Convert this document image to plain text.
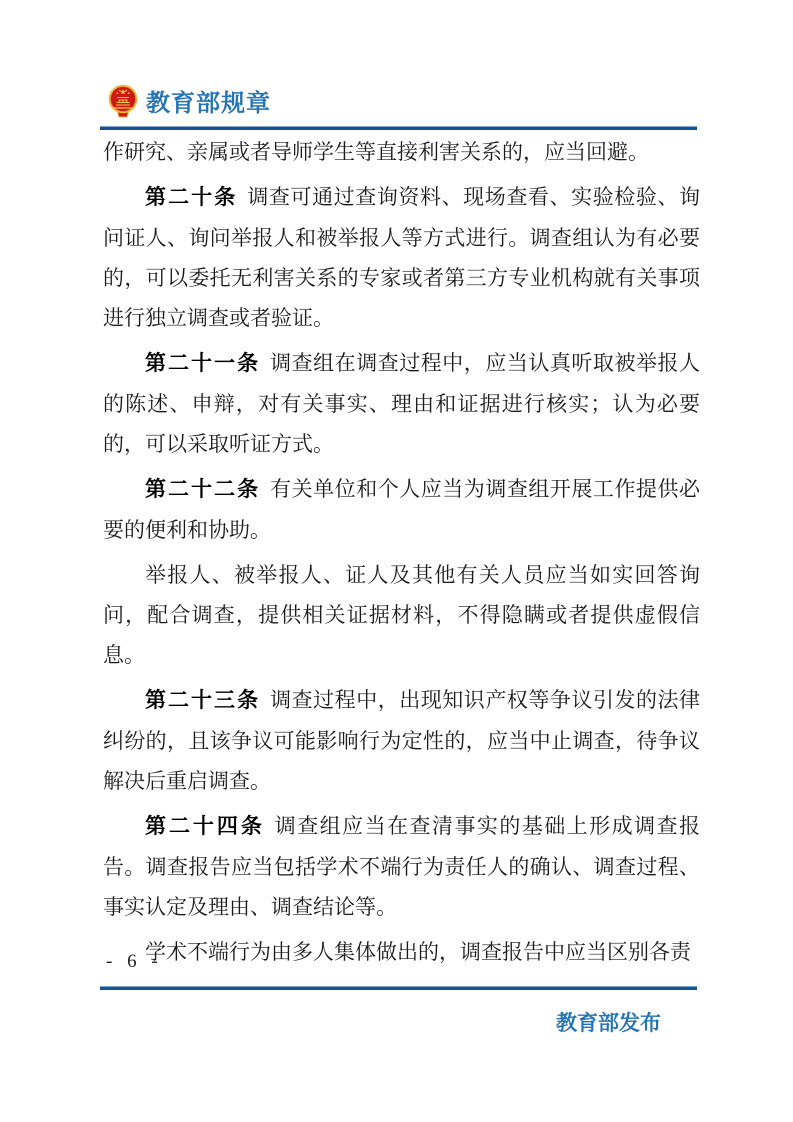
教育部规章

作研究、亲属或者导师学生等直接利害关系的，应当回避。

第二十条 调查可通过查询资料、现场查看、实验检验、询问证人、询问举报人和被举报人等方式进行。调查组认为有必要的，可以委托无利害关系的专家或者第三方专业机构就有关事项进行独立调查或者验证。

第二十一条 调查组在调查过程中，应当认真听取被举报人的陈述、申辩，对有关事实、理由和证据进行核实；认为必要的，可以采取听证方式。

第二十二条 有关单位和个人应当为调查组开展工作提供必要的便利和协助。

举报人、被举报人、证人及其他有关人员应当如实回答询问，配合调查，提供相关证据材料，不得隐瞒或者提供虚假信息。

第二十三条 调查过程中，出现知识产权等争议引发的法律纠纷的，且该争议可能影响行为定性的，应当中止调查，待争议解决后重启调查。

第二十四条 调查组应当在查清事实的基础上形成调查报告。调查报告应当包括学术不端行为责任人的确认、调查过程、事实认定及理由、调查结论等。

学术不端行为由多人集体做出的，调查报告中应当区别各责

- 6 -
教育部发布
